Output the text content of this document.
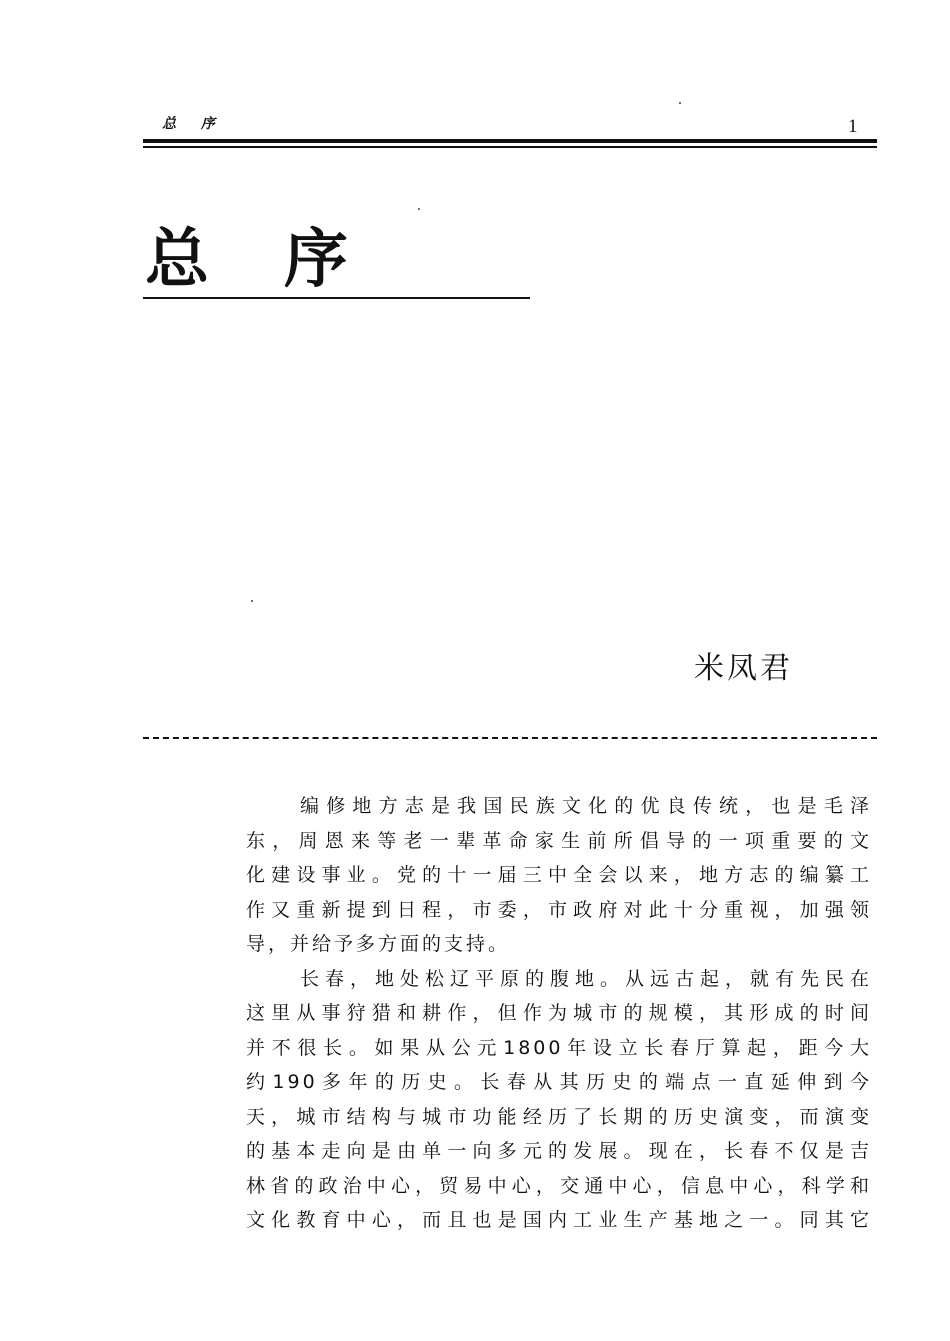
总 序	1
总   序
米凤君
编修地方志是我国民族文化的优良传统，也是毛泽
东，周恩来等老一辈革命家生前所倡导的一项重要的文
化建设事业。党的十一届三中全会以来，地方志的编纂工
作又重新提到日程，市委，市政府对此十分重视，加强领
导，并给予多方面的支持。
长春，地处松辽平原的腹地。从远古起，就有先民在
这里从事狩猎和耕作，但作为城市的规模，其形成的时间
并不很长。如果从公元1800年设立长春厅算起，距今大
约190多年的历史。长春从其历史的端点一直延伸到今
天，城市结构与城市功能经历了长期的历史演变，而演变
的基本走向是由单一向多元的发展。现在，长春不仅是吉
林省的政治中心，贸易中心，交通中心，信息中心，科学和
文化教育中心，而且也是国内工业生产基地之一。同其它
